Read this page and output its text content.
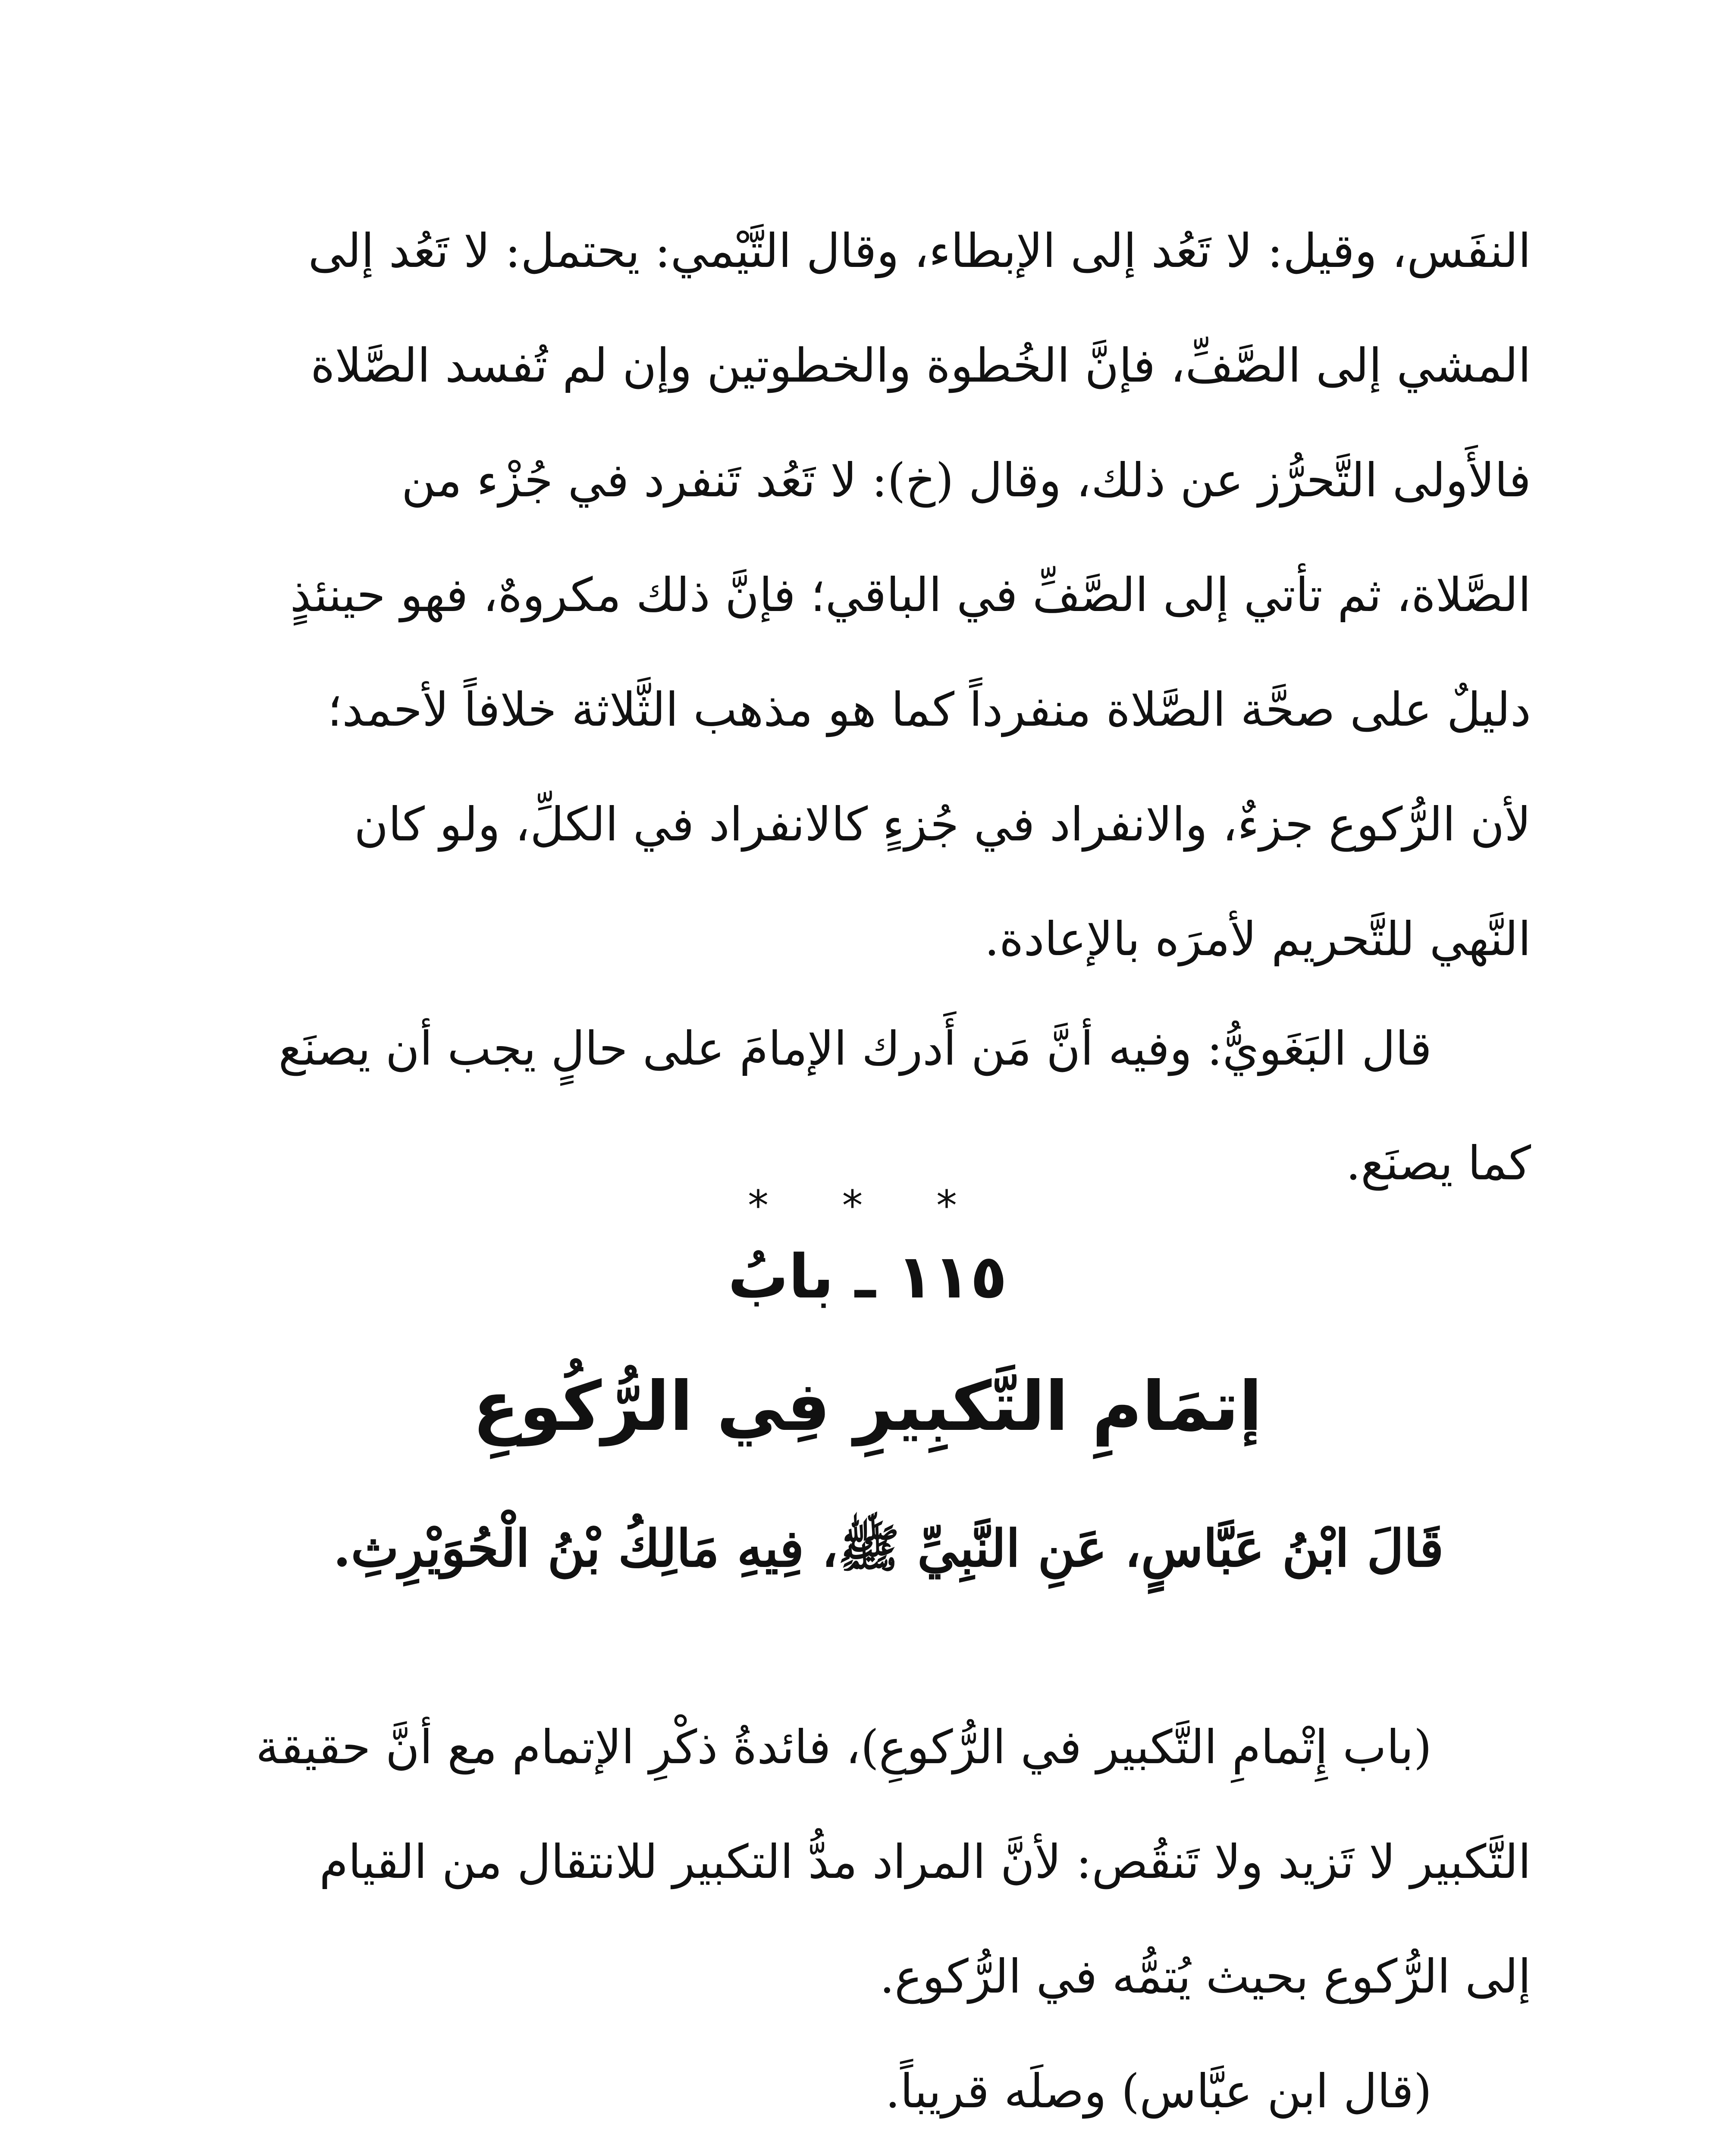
النفَس، وقيل: لا تَعُد إلى الإبطاء، وقال التَّيْمي: يحتمل: لا تَعُد إلى
المشي إلى الصَّفِّ، فإنَّ الخُطوة والخطوتين وإن لم تُفسد الصَّلاة
فالأَولى التَّحرُّز عن ذلك، وقال (خ): لا تَعُد تَنفرد في جُزْء من
الصَّلاة، ثم تأتي إلى الصَّفِّ في الباقي؛ فإنَّ ذلك مكروهٌ، فهو حينئذٍ
دليلٌ على صحَّة الصَّلاة منفرداً كما هو مذهب الثَّلاثة خلافاً لأحمد؛
لأن الرُّكوع جزءٌ، والانفراد في جُزءٍ كالانفراد في الكلِّ، ولو كان
النَّهي للتَّحريم لأمرَه بالإعادة.
قال البَغَويُّ: وفيه أنَّ مَن أَدرك الإمامَ على حالٍ يجب أن يصنَع
كما يصنَع.
* * *
١١٥ ـ بابُ
إتمَامِ التَّكبِيرِ فِي الرُّكُوعِ
قَالَ ابْنُ عَبَّاسٍ، عَنِ النَّبِيِّ ﷺ، فِيهِ مَالِكُ بْنُ الْحُوَيْرِثِ.
(باب إِتْمامِ التَّكبير في الرُّكوعِ)، فائدةُ ذكْرِ الإتمام مع أنَّ حقيقة
التَّكبير لا تَزيد ولا تَنقُص: لأنَّ المراد مدُّ التكبير للانتقال من القيام
إلى الرُّكوع بحيث يُتمُّه في الرُّكوع.
(قال ابن عبَّاس) وصلَه قريباً.
